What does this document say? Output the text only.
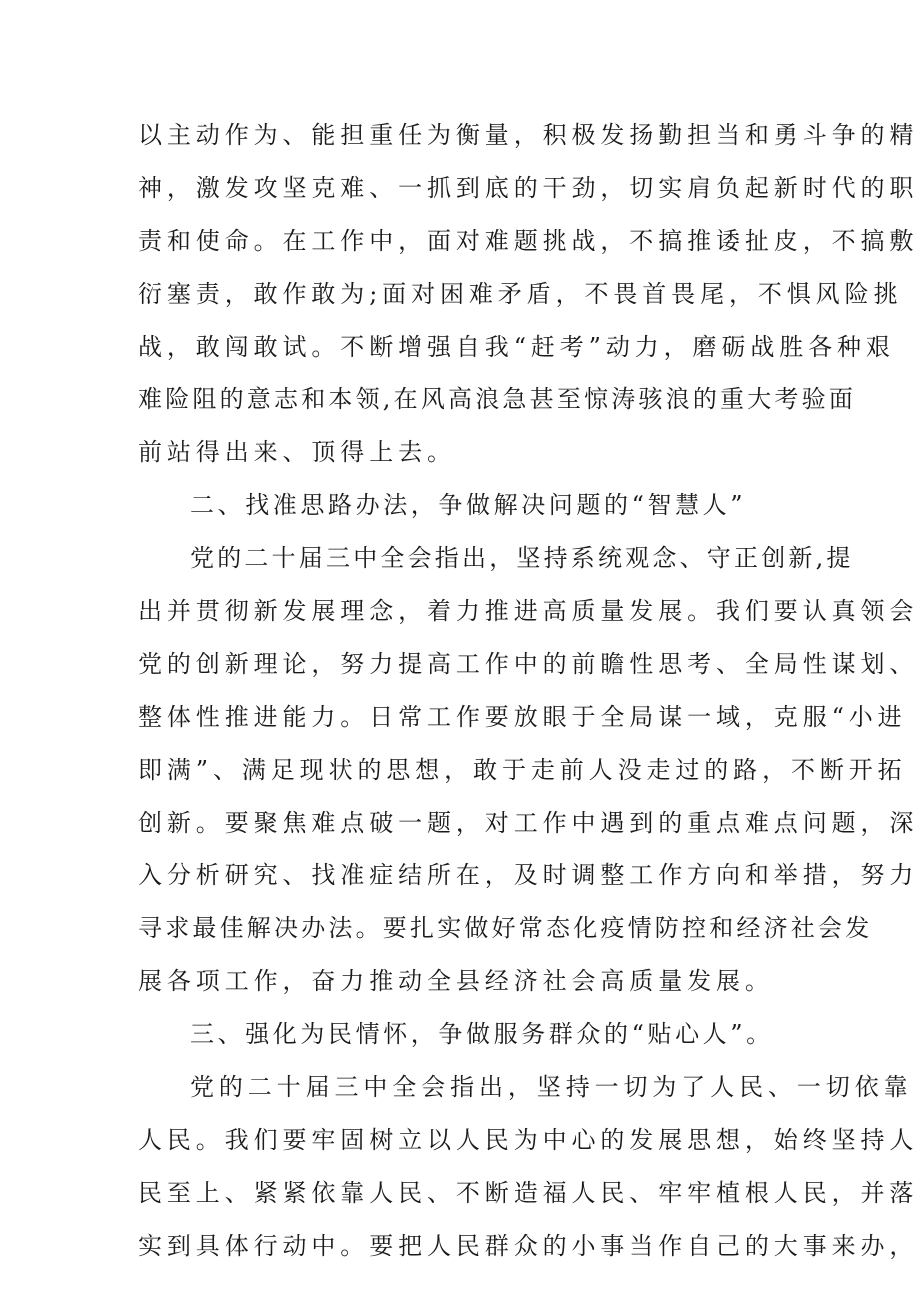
以主动作为、能担重任为衡量，积极发扬勤担当和勇斗争的精
神，激发攻坚克难、一抓到底的干劲，切实肩负起新时代的职
责和使命。在工作中，面对难题挑战，不搞推诿扯皮，不搞敷
衍塞责，敢作敢为;面对困难矛盾，不畏首畏尾，不惧风险挑
战，敢闯敢试。不断增强自我“赶考”动力，磨砺战胜各种艰
难险阻的意志和本领,在风高浪急甚至惊涛骇浪的重大考验面
前站得出来、顶得上去。
二、找准思路办法，争做解决问题的“智慧人”
党的二十届三中全会指出，坚持系统观念、守正创新,提
出并贯彻新发展理念，着力推进高质量发展。我们要认真领会
党的创新理论，努力提高工作中的前瞻性思考、全局性谋划、
整体性推进能力。日常工作要放眼于全局谋一域，克服“小进
即满”、满足现状的思想，敢于走前人没走过的路，不断开拓
创新。要聚焦难点破一题，对工作中遇到的重点难点问题，深
入分析研究、找准症结所在，及时调整工作方向和举措，努力
寻求最佳解决办法。要扎实做好常态化疫情防控和经济社会发
展各项工作，奋力推动全县经济社会高质量发展。
三、强化为民情怀，争做服务群众的“贴心人”。
党的二十届三中全会指出，坚持一切为了人民、一切依靠
人民。我们要牢固树立以人民为中心的发展思想，始终坚持人
民至上、紧紧依靠人民、不断造福人民、牢牢植根人民，并落
实到具体行动中。要把人民群众的小事当作自己的大事来办，
